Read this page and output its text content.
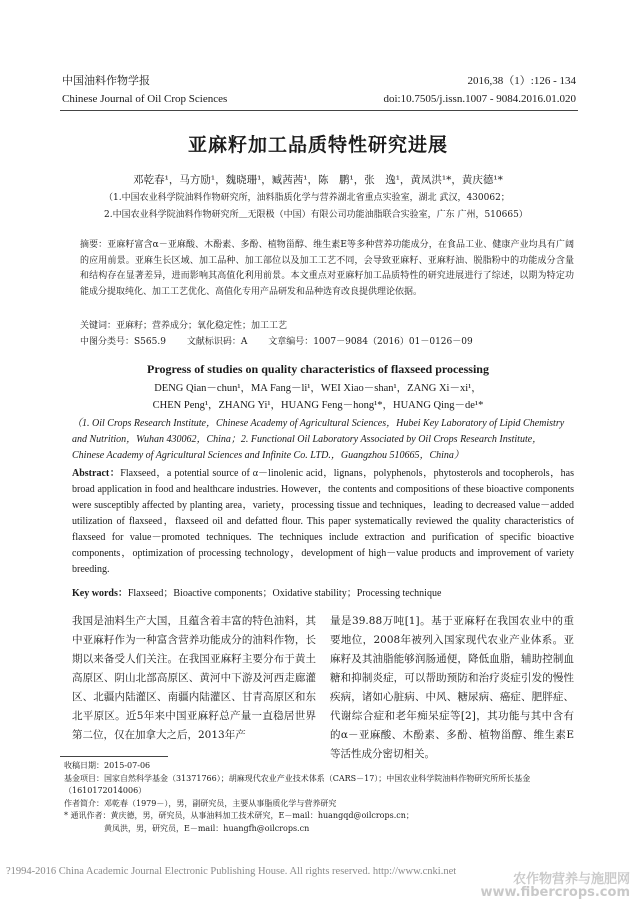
中国油料作物学报
Chinese Journal of Oil Crop Sciences
2016,38（1）:126 - 134
doi:10.7505/j.issn.1007 - 9084.2016.01.020
亚麻籽加工品质特性研究进展
邓乾春¹，马方励¹，魏晓珊¹，臧茜茜¹，陈　鹏¹，张　逸¹，黄凤洪¹*，黄庆德¹*
（1.中国农业科学院油料作物研究所，油料脂质化学与营养湖北省重点实验室，湖北 武汉，430062；
2.中国农业科学院油料作物研究所＿无限极（中国）有限公司功能油脂联合实验室，广东 广州，510665）
摘要：亚麻籽富含α－亚麻酸、木酚素、多酚、植物甾醇、维生素E等多种营养功能成分，在食品工业、健康产业均具有广阔的应用前景。亚麻生长区域、加工品种、加工部位以及加工工艺不同，会导致亚麻籽、亚麻籽油、脱脂粉中的功能成分含量和结构存在显著差异，进而影响其高值化利用前景。本文重点对亚麻籽加工品质特性的研究进展进行了综述，以期为特定功能成分提取纯化、加工工艺优化、高值化专用产品研发和品种选育改良提供理论依据。
关键词：亚麻籽；营养成分；氧化稳定性；加工工艺
中图分类号：S565.9 文献标识码：A 文章编号：1007－9084（2016）01－0126－09
Progress of studies on quality characteristics of flaxseed processing
DENG Qian－chun¹，MA Fang－li¹，WEI Xiao－shan¹，ZANG Xi－xi¹，
CHEN Peng¹，ZHANG Yi¹，HUANG Feng－hong¹*，HUANG Qing－de¹*
（1. Oil Crops Research Institute，Chinese Academy of Agricultural Sciences，Hubei Key Laboratory of Lipid Chemistry and Nutrition，Wuhan 430062，China；2. Functional Oil Laboratory Associated by Oil Crops Research Institute，Chinese Academy of Agricultural Sciences and Infinite Co. LTD.，Guangzhou 510665，China）
Abstract：Flaxseed，a potential source of α－linolenic acid，lignans，polyphenols，phytosterols and tocopherols，has broad application in food and healthcare industries. However，the contents and compositions of these bioactive components were susceptibly affected by planting area，variety，processing tissue and techniques，leading to decreased value－added utilization of flaxseed，flaxseed oil and defatted flour. This paper systematically reviewed the quality characteristics of flaxseed for value－promoted techniques. The techniques include extraction and purification of specific bioactive components，optimization of processing technology，development of high－value products and improvement of variety breeding.
Key words：Flaxseed；Bioactive components；Oxidative stability；Processing technique
我国是油料生产大国，且蕴含着丰富的特色油料，其中亚麻籽作为一种富含营养功能成分的油料作物，长期以来备受人们关注。在我国亚麻籽主要分布于黄土高原区、阴山北部高原区、黄河中下游及河西走廊灌区、北疆内陆灌区、南疆内陆灌区、甘青高原区和东北平原区。近5年来中国亚麻籽总产量一直稳居世界第二位，仅在加拿大之后，2013年产
量是39.88万吨[1]。基于亚麻籽在我国农业中的重要地位，2008年被列入国家现代农业产业体系。亚麻籽及其油脂能够润肠通便，降低血脂，辅助控制血糖和抑制炎症，可以帮助预防和治疗炎症引发的慢性疾病，诸如心脏病、中风、糖尿病、癌症、肥胖症、代谢综合症和老年痴呆症等[2]，其功能与其中含有的α－亚麻酸、木酚素、多酚、植物甾醇、维生素E等活性成分密切相关。
收稿日期：2015-07-06
基金项目：国家自然科学基金（31371766）；胡麻现代农业产业技术体系（CARS－17）；中国农业科学院油料作物研究所所长基金（1610172014006）
作者简介：邓乾春（1979－），男，副研究员，主要从事脂质化学与营养研究
* 通讯作者：黄庆德，男，研究员，从事油料加工技术研究，E－mail：huangqd@oilcrops.cn；
　　　　　黄凤洪，男，研究员，E－mail：huangfh@oilcrops.cn
?1994-2016 China Academic Journal Electronic Publishing House. All rights reserved. http://www.cnki.net
农作物营养与施肥网
www.fibercrops.com
